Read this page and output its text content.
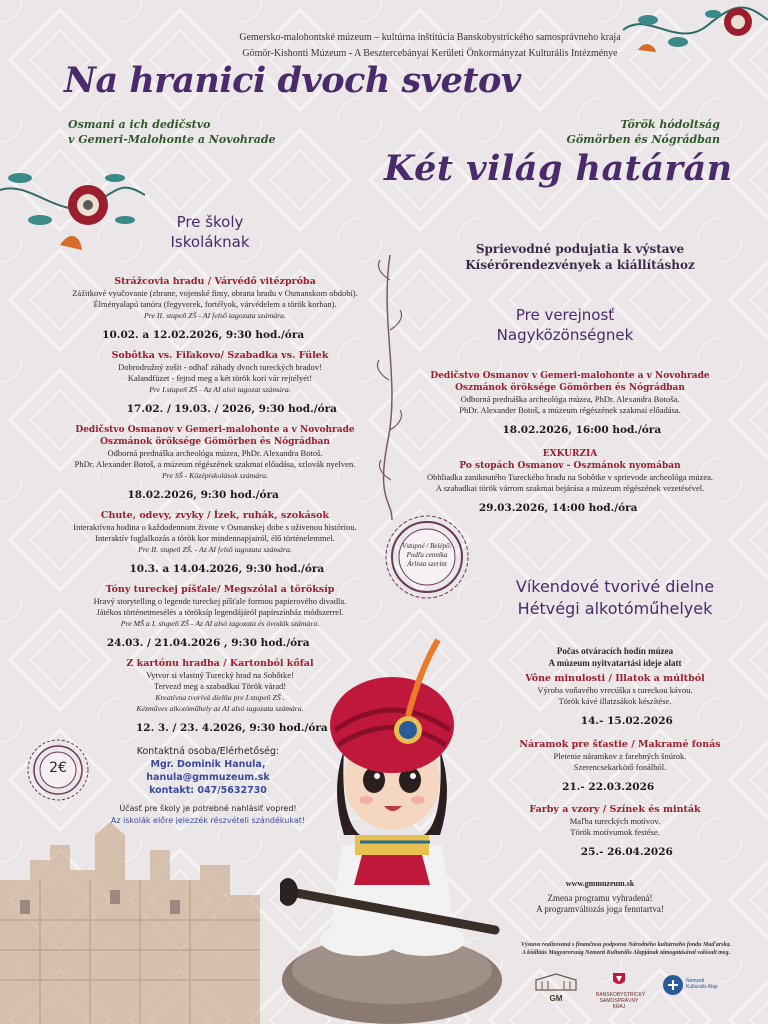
Gemersko-malohontské múzeum – kultúrna inštitúcia Banskobystrického samosprávneho kraja
Gömör-Kishonti Múzeum - A Besztercebányai Kerületi Önkormányzat Kulturális Intézménye
Na hranici dvoch svetov
Osmani a ich dedičstvo
v Gemeri-Malohonte a Novohrade
Török hódoltság
Gömörben és Nógrádban
Két világ határán
Pre školy
Iskoláknak
Strážcovia hradu / Várvédő vitézpróba
Zážitkové vyučovanie (zbrane, vojenské finty, obrana hradu v Osmanskom období).
Élményalapú tanóra (fegyverek, fortélyok, várvédelem a török korban).
Pre II. stupeň ZŠ - AI felső tagozata számára.
10.02. a 12.02.2026, 9:30 hod./óra
Sobôtka vs. Fiľakovo/ Szabadka vs. Fülek
Dobrodružný zošit - odhaľ záhady dvoch tureckých hradov!
Kalandfüzet - fejtsd meg a két török kori vár rejtélyét!
Pre I.stupeň ZŠ - Az AI alsó tagozat számára.
17.02. / 19.03. / 2026, 9:30 hod./óra
Dedičstvo Osmanov v Gemeri-malohonte a v Novohrade
Oszmánok öröksége Gömörben és Nógrádban
Odborná prednáška archeológa múzea, PhDr. Alexandra Botoš.
PhDr. Alexander Botoš, a múzeum régészének szakmai előadása, szlovák nyelven.
Pre SŠ - Középiskolások számára.
18.02.2026, 9:30 hod./óra
Chute, odevy, zvyky / Ízek, ruhák, szokások
Interaktívna hodina o každodennom živote v Osmanskej dobe s oživenou históriou.
Interaktív foglalkozás a török kor mindennapjairól, élő történelemmel.
Pre II. stupeň ZŠ. - Az AI felső tagozata számára.
10.3. a 14.04.2026, 9:30 hod./óra
Tóny tureckej píšťale/ Megszólal a töröksíp
Hravý storytelling o legende tureckej píšťale formou papierového divadla.
Játékos történetmesélés a töröksíp legendájáról papírszínház módszerrel.
Pre MŠ a I. stupeň ZŠ - Az AI alsó tagozata és óvodák számára.
24.03. / 21.04.2026 , 9:30 hod./óra
Z kartónu hradba / Kartonból kőfal
Vytvor si vlastný Turecký hrad na Sobôtke!
Tervezd meg a szabadkai Török várad!
Kreatívna tvorivá dielňa pre I.stupeň ZŠ .
Kézműves alkotóműhely az AI alsó tagozata számára.
12. 3. / 23. 4.2026, 9:30 hod./óra
2€
Kontaktná osoba/Elérhetőség:
Mgr. Dominik Hanula,
hanula@gmmuzeum.sk
kontakt: 047/5632730
Účasť pre školy je potrebné nahlásiť vopred!
Az iskolák előre jelezzék részvételi szándékukat!
Sprievodné podujatia k výstave
Kísérőrendezvények a kiállításhoz
Pre verejnosť
Nagyközönségnek
Dedičstvo Osmanov v Gemeri-malohonte a v Novohrade
Oszmánok öröksége Gömörben és Nógrádban
Odborná prednáška archeológa múzea, PhDr. Alexandra Botoša.
PhDr. Alexander Botoš, a múzeum régészének szakmai előadása.
18.02.2026, 16:00 hod./óra
EXKURZIA
Po stopách Osmanov - Oszmánok nyomában
Obhliadka zaniknutého Tureckého hradu na Sobôtke v sprievode archeológa múzea.
A szabadkai török várrom szakmai bejárása a múzeum régészének vezetésével.
29.03.2026, 14:00 hod./óra
Vstupné / Belépő:
Podľa cenníka
Árlista szerint
Víkendové tvorivé dielne
Hétvégi alkotóműhelyek
Počas otváracích hodín múzea
A múzeum nyitvatartási ideje alatt
Vône minulosti / Illatok a múltból
Výroba voňavého vrecúška s tureckou kávou.
Török kávé illatzsákok készítése.
14.- 15.02.2026
Náramok pre šťastie / Makramé fonás
Pletenie náramkov z farebných šnúrok.
Szerencsekarkötő fonálból.
21.- 22.03.2026
Farby a vzory / Színek és minták
Maľba tureckých motívov.
Török motívumok festése.
25.- 26.04.2026
www.gmmuzeum.sk
Zmena programu vyhradená!
A programváltozás joga fenntartva!
Výstava realizovaná s finančnou podporou Národného kultúrneho fondu Maďarska.
A kiállítás Magyarország Nemzeti Kulturális Alapjának támogatásával valósult meg.
GM	BANSKOBYSTRICKÝ SAMOSPRÁVNY KRAJ
Nemzeti Kulturális Alap
